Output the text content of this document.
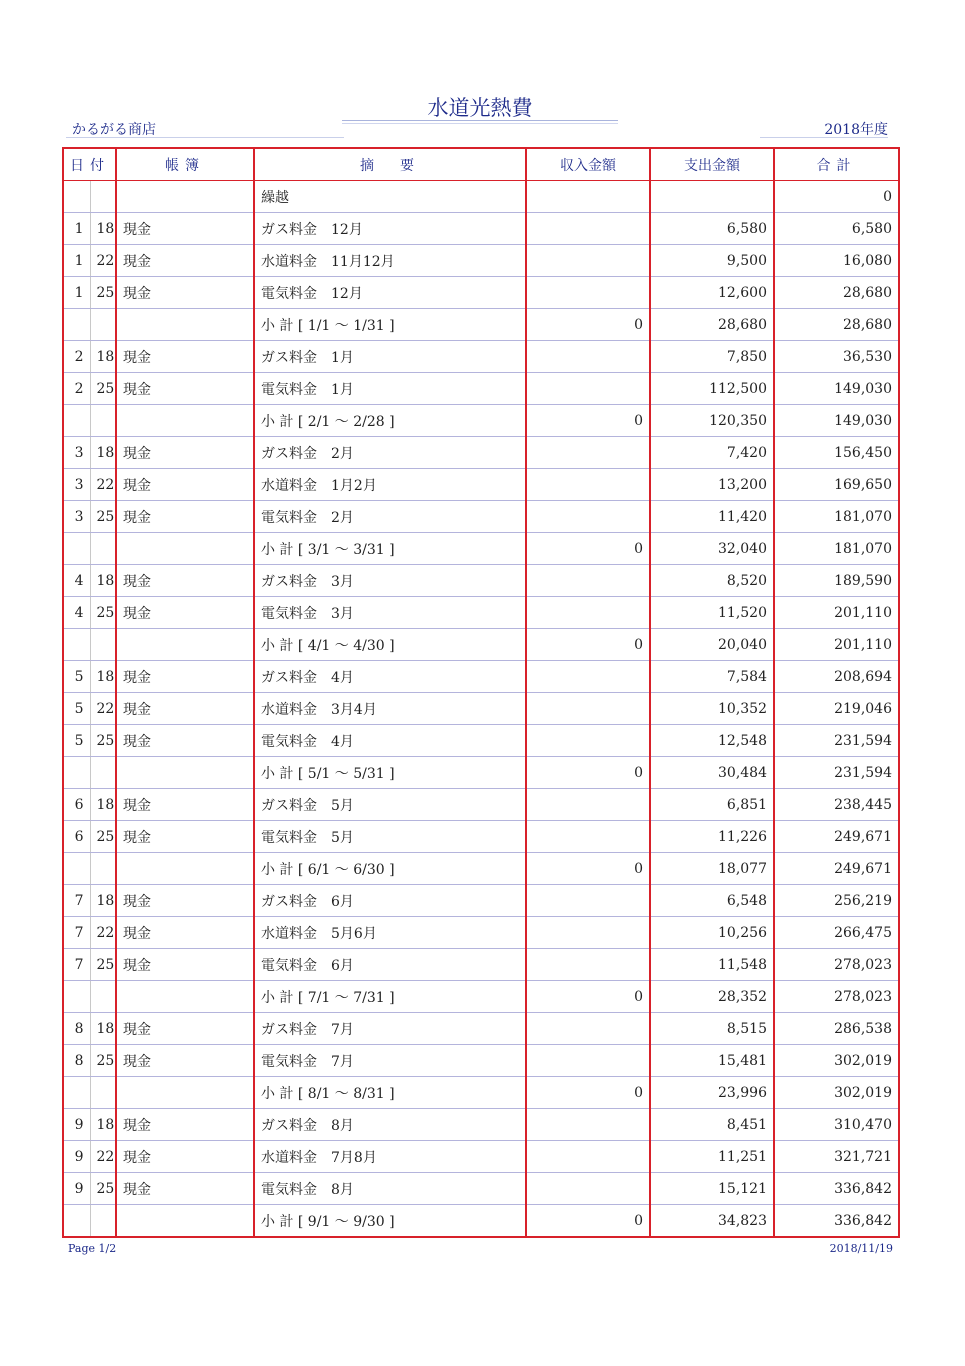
水道光熱費
かるがる商店	2018年度
日付		帳簿	摘　要	収入金額	支出金額	合計
			繰越			0
1	18	現金	ガス料金　12月		6,580	6,580
1	22	現金	水道料金　11月12月		9,500	16,080
1	25	現金	電気料金　12月		12,600	28,680
			小 計 [ 1/1 ～ 1/31 ]	0	28,680	28,680
2	18	現金	ガス料金　1月		7,850	36,530
2	25	現金	電気料金　1月		112,500	149,030
			小 計 [ 2/1 ～ 2/28 ]	0	120,350	149,030
3	18	現金	ガス料金　2月		7,420	156,450
3	22	現金	水道料金　1月2月		13,200	169,650
3	25	現金	電気料金　2月		11,420	181,070
			小 計 [ 3/1 ～ 3/31 ]	0	32,040	181,070
4	18	現金	ガス料金　3月		8,520	189,590
4	25	現金	電気料金　3月		11,520	201,110
			小 計 [ 4/1 ～ 4/30 ]	0	20,040	201,110
5	18	現金	ガス料金　4月		7,584	208,694
5	22	現金	水道料金　3月4月		10,352	219,046
5	25	現金	電気料金　4月		12,548	231,594
			小 計 [ 5/1 ～ 5/31 ]	0	30,484	231,594
6	18	現金	ガス料金　5月		6,851	238,445
6	25	現金	電気料金　5月		11,226	249,671
			小 計 [ 6/1 ～ 6/30 ]	0	18,077	249,671
7	18	現金	ガス料金　6月		6,548	256,219
7	22	現金	水道料金　5月6月		10,256	266,475
7	25	現金	電気料金　6月		11,548	278,023
			小 計 [ 7/1 ～ 7/31 ]	0	28,352	278,023
8	18	現金	ガス料金　7月		8,515	286,538
8	25	現金	電気料金　7月		15,481	302,019
			小 計 [ 8/1 ～ 8/31 ]	0	23,996	302,019
9	18	現金	ガス料金　8月		8,451	310,470
9	22	現金	水道料金　7月8月		11,251	321,721
9	25	現金	電気料金　8月		15,121	336,842
			小 計 [ 9/1 ～ 9/30 ]	0	34,823	336,842
Page 1/2	2018/11/19
